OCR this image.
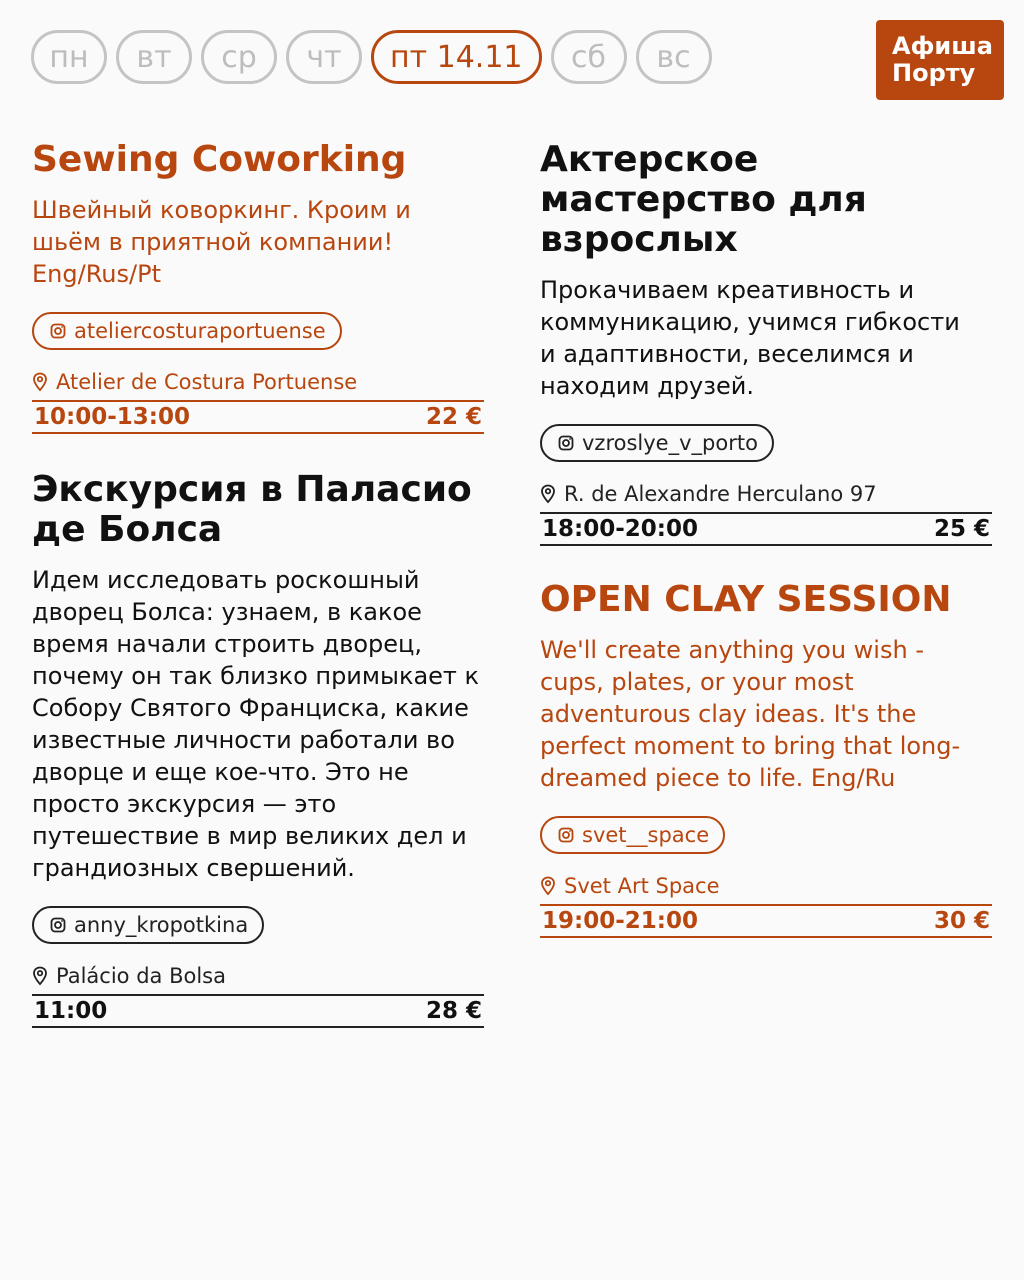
пн	вт	ср	чт	пт 14.11	сб	вс	Афиша
Порту
Sewing Coworking
Швейный коворкинг. Кроим и шьём в приятной компании! Eng/Rus/Pt
ateliercosturaportuense
Atelier de Costura Portuense
10:00-13:00	22 €
Экскурсия в Паласио де Болса
Идем исследовать роскошный дворец Болса: узнаем, в какое время начали строить дворец, почему он так близко примыкает к Собору Святого Франциска, какие известные личности работали во дворце и еще кое-что. Это не просто экскурсия — это путешествие в мир великих дел и грандиозных свершений.
anny_kropotkina
Palácio da Bolsa
11:00	28 €
Актерское мастерство для взрослых
Прокачиваем креативность и коммуникацию, учимся гибкости и адаптивности, веселимся и находим друзей.
vzroslye_v_porto
R. de Alexandre Herculano 97
18:00-20:00	25 €
OPEN CLAY SESSION
We'll create anything you wish - cups, plates, or your most adventurous clay ideas. It's the perfect moment to bring that long-dreamed piece to life. Eng/Ru
svet__space
Svet Art Space
19:00-21:00	30 €
